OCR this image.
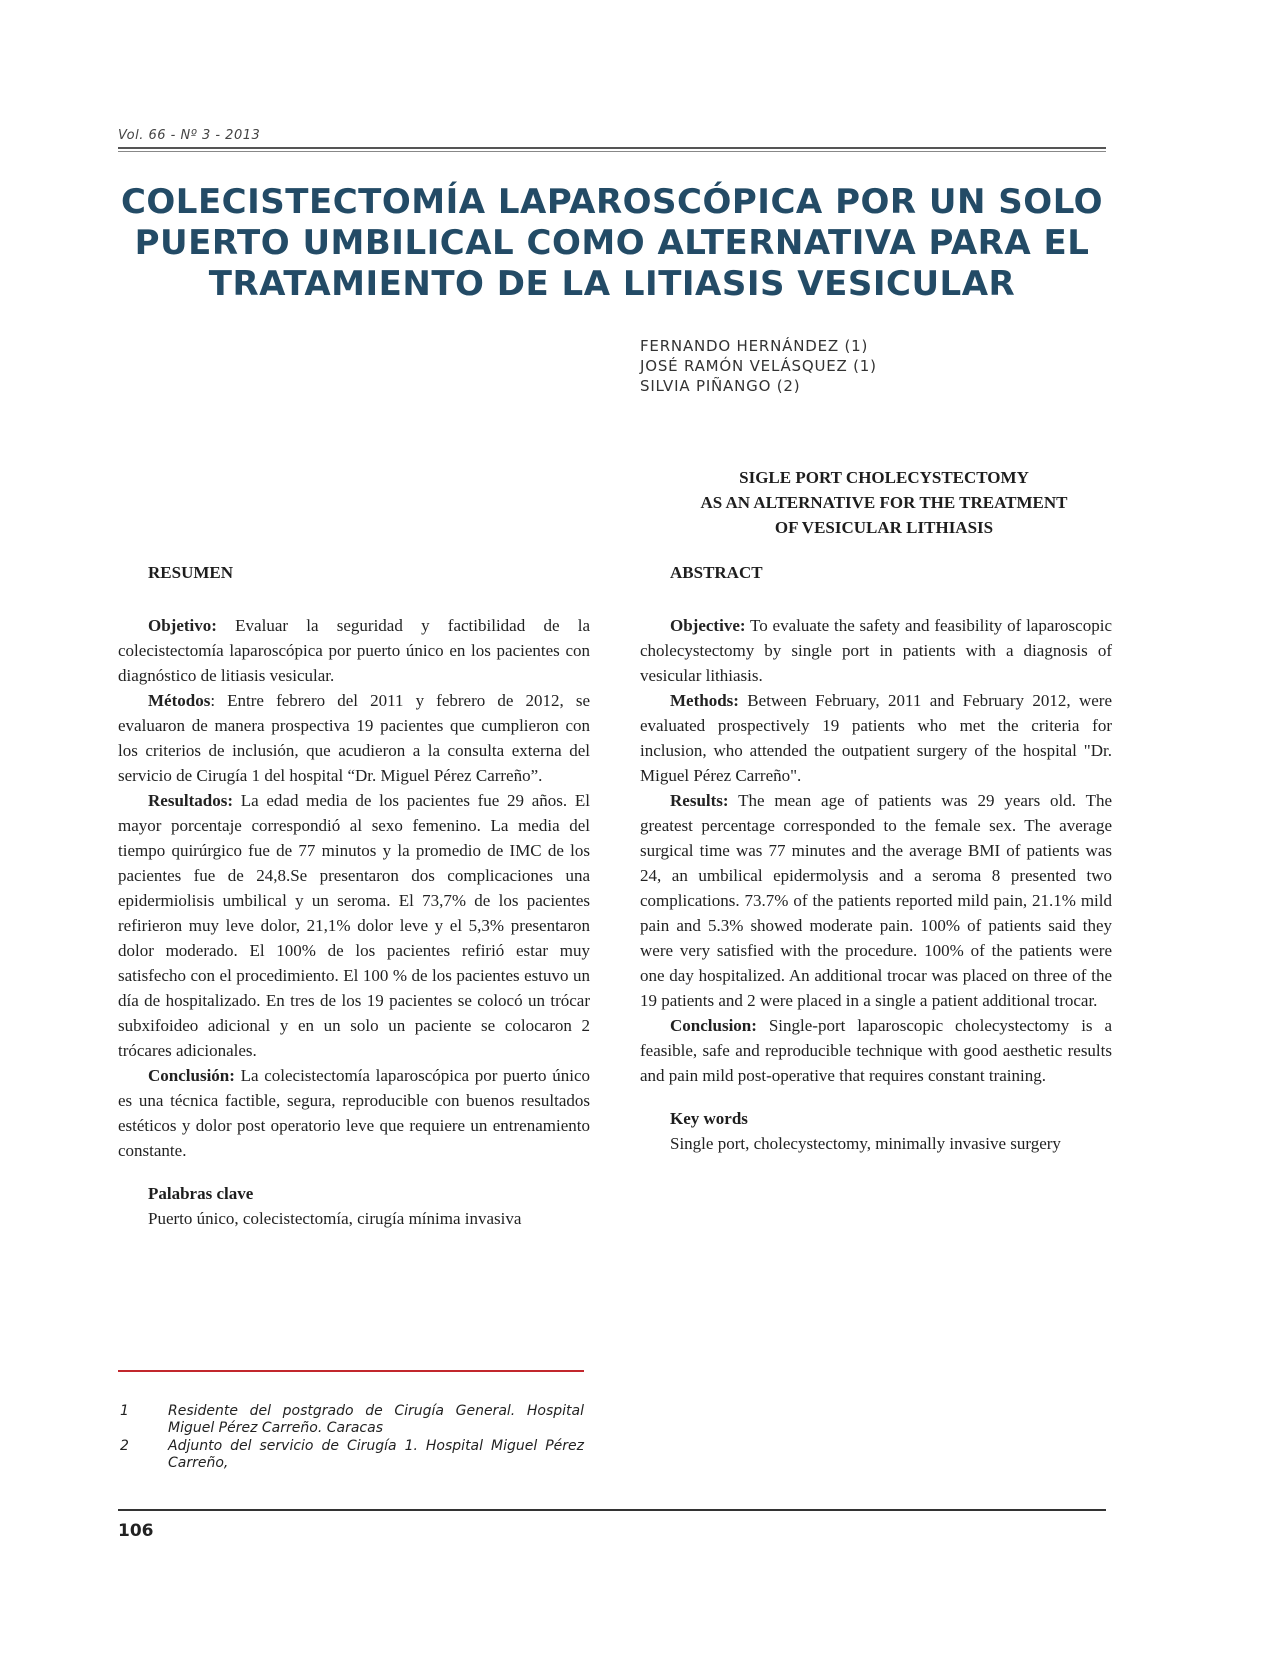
Vol. 66 - Nº 3 - 2013
COLECISTECTOMÍA LAPAROSCÓPICA POR UN SOLO
PUERTO UMBILICAL COMO ALTERNATIVA PARA EL
TRATAMIENTO DE LA LITIASIS VESICULAR
FERNANDO HERNÁNDEZ (1)
JOSÉ RAMÓN VELÁSQUEZ (1)
SILVIA PIÑANGO (2)
SIGLE PORT CHOLECYSTECTOMY
AS AN ALTERNATIVE FOR THE TREATMENT
OF VESICULAR LITHIASIS
RESUMEN

Objetivo: Evaluar la seguridad y factibilidad de la colecistectomía laparoscópica por puerto único en los pacientes con diagnóstico de litiasis vesicular.

Métodos: Entre febrero del 2011 y febrero de 2012, se evaluaron de manera prospectiva 19 pacientes que cumplieron con los criterios de inclusión, que acudieron a la consulta externa del servicio de Cirugía 1 del hospital “Dr. Miguel Pérez Carreño”.

Resultados: La edad media de los pacientes fue 29 años. El mayor porcentaje correspondió al sexo femenino. La media del tiempo quirúrgico fue de 77 minutos y la promedio de IMC de los pacientes fue de 24,8.Se presentaron dos complicaciones una epidermiolisis umbilical y un seroma. El 73,7% de los pacientes refirieron muy leve dolor, 21,1% dolor leve y el 5,3% presentaron dolor moderado. El 100% de los pacientes refirió estar muy satisfecho con el procedimiento. El 100 % de los pacientes estuvo un día de hospitalizado. En tres de los 19 pacientes se colocó un trócar subxifoideo adicional y en un solo un paciente se colocaron 2 trócares adicionales.

Conclusión: La colecistectomía laparoscópica por puerto único es una técnica factible, segura, reproducible con buenos resultados estéticos y dolor post operatorio leve que requiere un entrenamiento constante.

Palabras clave
Puerto único, colecistectomía, cirugía mínima invasiva
ABSTRACT

Objective: To evaluate the safety and feasibility of laparoscopic cholecystectomy by single port in patients with a diagnosis of vesicular lithiasis.

Methods: Between February, 2011 and February 2012, were evaluated prospectively 19 patients who met the criteria for inclusion, who attended the outpatient surgery of the hospital "Dr. Miguel Pérez Carreño".

Results: The mean age of patients was 29 years old. The greatest percentage corresponded to the female sex. The average surgical time was 77 minutes and the average BMI of patients was 24, an umbilical epidermolysis and a seroma 8 presented two complications. 73.7% of the patients reported mild pain, 21.1% mild pain and 5.3% showed moderate pain. 100% of patients said they were very satisfied with the procedure. 100% of the patients were one day hospitalized. An additional trocar was placed on three of the 19 patients and 2 were placed in a single a patient additional trocar.

Conclusion: Single-port laparoscopic cholecystectomy is a feasible, safe and reproducible technique with good aesthetic results and pain mild post-operative that requires constant training.

Key words
Single port, cholecystectomy, minimally invasive surgery
1	Residente del postgrado de Cirugía General. Hospital Miguel Pérez Carreño. Caracas
2	Adjunto del servicio de Cirugía 1. Hospital Miguel Pérez Carreño,
106
